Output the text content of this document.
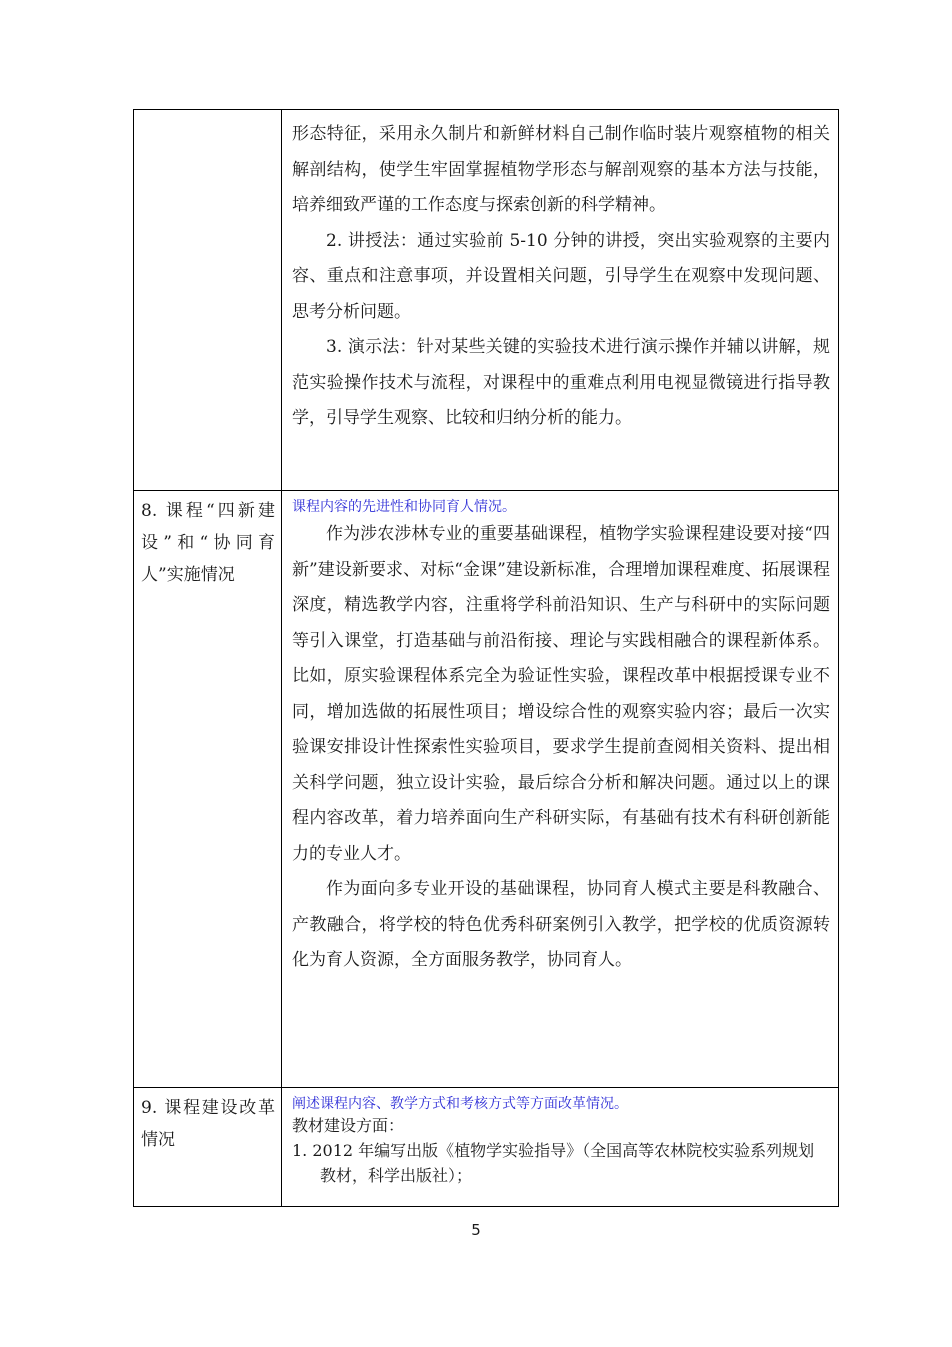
	形态特征，采用永久制片和新鲜材料自己制作临时装片观察植物的相关解剖结构，使学生牢固掌握植物学形态与解剖观察的基本方法与技能，培养细致严谨的工作态度与探索创新的科学精神。

2. 讲授法：通过实验前 5-10 分钟的讲授，突出实验观察的主要内容、重点和注意事项，并设置相关问题，引导学生在观察中发现问题、思考分析问题。

3. 演示法：针对某些关键的实验技术进行演示操作并辅以讲解，规范实验操作技术与流程，对课程中的重难点利用电视显微镜进行指导教学，引导学生观察、比较和归纳分析的能力。

8. 课程“四新建设”和“协同育人”实施情况	课程内容的先进性和协同育人情况。

作为涉农涉林专业的重要基础课程，植物学实验课程建设要对接“四新”建设新要求、对标“金课”建设新标准，合理增加课程难度、拓展课程深度，精选教学内容，注重将学科前沿知识、生产与科研中的实际问题等引入课堂，打造基础与前沿衔接、理论与实践相融合的课程新体系。比如，原实验课程体系完全为验证性实验，课程改革中根据授课专业不同，增加选做的拓展性项目；增设综合性的观察实验内容；最后一次实验课安排设计性探索性实验项目，要求学生提前查阅相关资料、提出相关科学问题，独立设计实验，最后综合分析和解决问题。通过以上的课程内容改革，着力培养面向生产科研实际，有基础有技术有科研创新能力的专业人才。

作为面向多专业开设的基础课程，协同育人模式主要是科教融合、产教融合，将学校的特色优秀科研案例引入教学，把学校的优质资源转化为育人资源，全方面服务教学，协同育人。

9. 课程建设改革情况	阐述课程内容、教学方式和考核方式等方面改革情况。

教材建设方面：

1. 2012 年编写出版《植物学实验指导》（全国高等农林院校实验系列规划教材，科学出版社）；

5
